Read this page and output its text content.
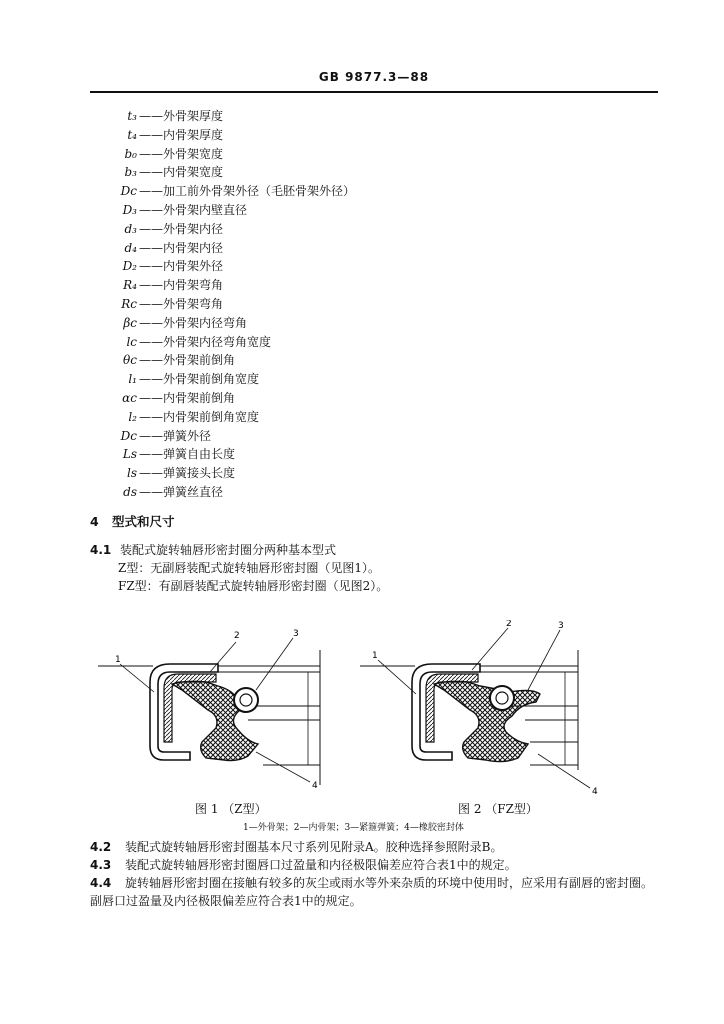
GB 9877.3—88
t₃ ——外骨架厚度
t₄ ——内骨架厚度
b₀ ——外骨架宽度
b₃ ——内骨架宽度
Dc ——加工前外骨架外径（毛胚骨架外径）
D₃ ——外骨架内壁直径
d₃ ——外骨架内径
d₄ ——内骨架内径
D₂ ——内骨架外径
R₄ ——内骨架弯角
Rc ——外骨架弯角
βc ——外骨架内径弯角
lc ——外骨架内径弯角宽度
θc ——外骨架前倒角
l₁ ——外骨架前倒角宽度
αc ——内骨架前倒角
l₂ ——内骨架前倒角宽度
Dc ——弹簧外径
Ls ——弹簧自由长度
ls ——弹簧接头长度
ds ——弹簧丝直径
4 型式和尺寸
4.1 装配式旋转轴唇形密封圈分两种基本型式
Z型：无副唇装配式旋转轴唇形密封圈（见图1）。
FZ型：有副唇装配式旋转轴唇形密封圈（见图2）。
1
2	3
4
1
2	3
4
图 1 （Z型）	图 2 （FZ型）
1—外骨架；2—内骨架；3—紧箍弹簧；4—橡胶密封体
4.2 装配式旋转轴唇形密封圈基本尺寸系列见附录A。胶种选择参照附录B。
4.3 装配式旋转轴唇形密封圈唇口过盈量和内径极限偏差应符合表1中的规定。
4.4 旋转轴唇形密封圈在接触有较多的灰尘或雨水等外来杂质的环境中使用时，应采用有副唇的密封圈。副唇口过盈量及内径极限偏差应符合表1中的规定。
